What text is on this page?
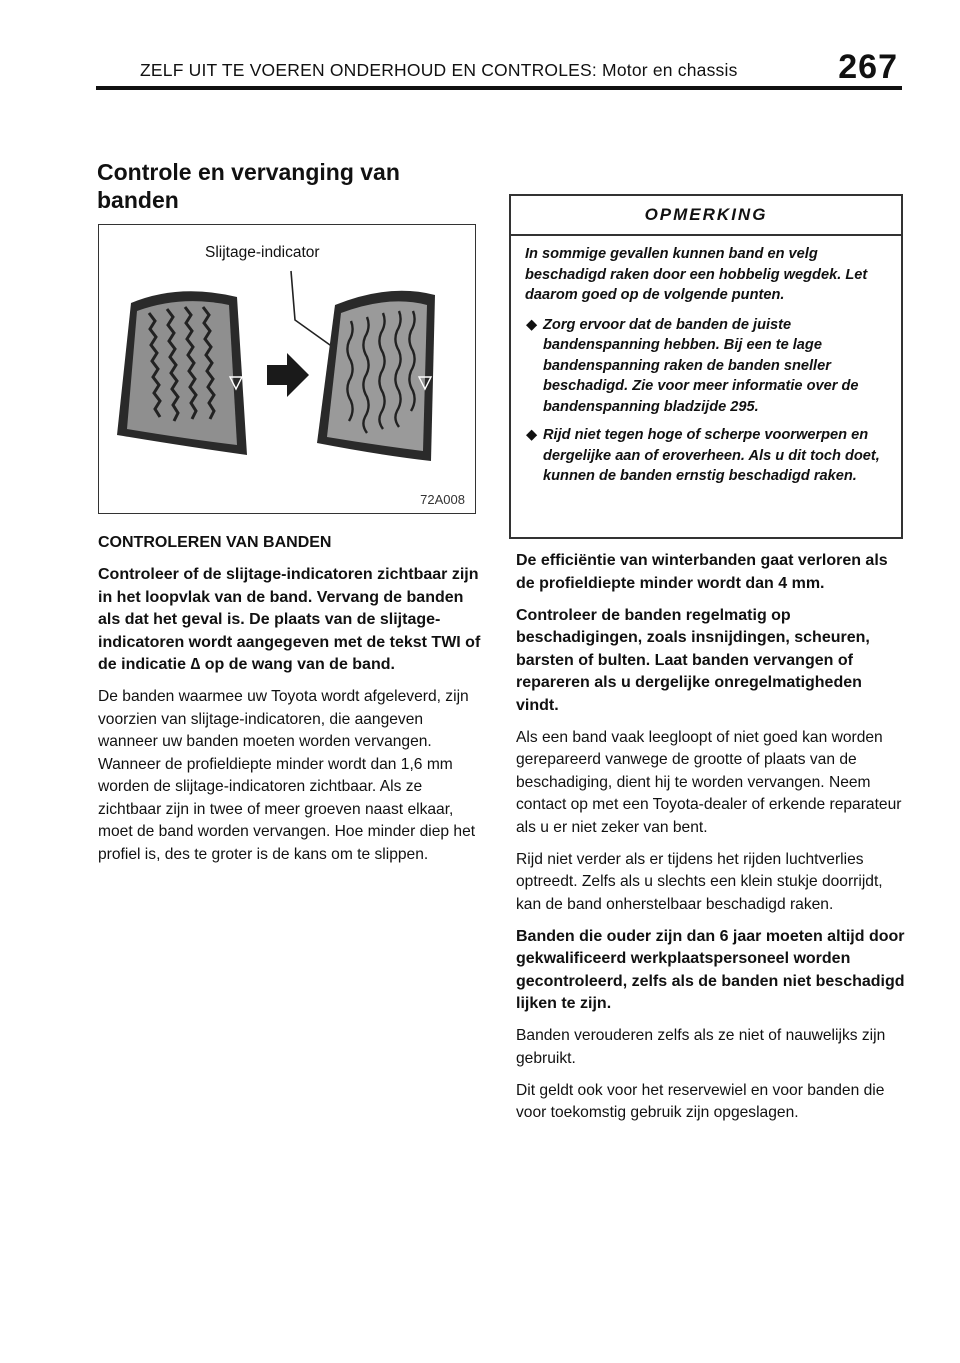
ZELF UIT TE VOEREN ONDERHOUD EN CONTROLES: Motor en chassis	267
Controle en vervanging van banden
Slijtage-indicator
72A008
OPMERKING

In sommige gevallen kunnen band en velg beschadigd raken door een hobbelig wegdek. Let daarom goed op de volgende punten.

◆ Zorg ervoor dat de banden de juiste bandenspanning hebben. Bij een te lage bandenspanning raken de banden sneller beschadigd. Zie voor meer informatie over de bandenspanning bladzijde 295.
◆ Rijd niet tegen hoge of scherpe voorwerpen en dergelijke aan of eroverheen. Als u dit toch doet, kunnen de banden ernstig beschadigd raken.

CONTROLEREN VAN BANDEN

Controleer of de slijtage-indicatoren zichtbaar zijn in het loopvlak van de band. Vervang de banden als dat het geval is. De plaats van de slijtage-indicatoren wordt aangegeven met de tekst TWI of de indicatie ∆ op de wang van de band.

De banden waarmee uw Toyota wordt afgeleverd, zijn voorzien van slijtage-indicatoren, die aangeven wanneer uw banden moeten worden vervangen. Wanneer de profieldiepte minder wordt dan 1,6 mm worden de slijtage-indicatoren zichtbaar. Als ze zichtbaar zijn in twee of meer groeven naast elkaar, moet de band worden vervangen. Hoe minder diep het profiel is, des te groter is de kans om te slippen.

De efficiëntie van winterbanden gaat verloren als de profieldiepte minder wordt dan 4 mm.

Controleer de banden regelmatig op beschadigingen, zoals insnijdingen, scheuren, barsten of bulten. Laat banden vervangen of repareren als u dergelijke onregelmatigheden vindt.

Als een band vaak leegloopt of niet goed kan worden gerepareerd vanwege de grootte of plaats van de beschadiging, dient hij te worden vervangen. Neem contact op met een Toyota-dealer of erkende reparateur als u er niet zeker van bent.

Rijd niet verder als er tijdens het rijden luchtverlies optreedt. Zelfs als u slechts een klein stukje doorrijdt, kan de band onherstelbaar beschadigd raken.

Banden die ouder zijn dan 6 jaar moeten altijd door gekwalificeerd werkplaatspersoneel worden gecontroleerd, zelfs als de banden niet beschadigd lijken te zijn.

Banden verouderen zelfs als ze niet of nauwelijks zijn gebruikt.

Dit geldt ook voor het reservewiel en voor banden die voor toekomstig gebruik zijn opgeslagen.
